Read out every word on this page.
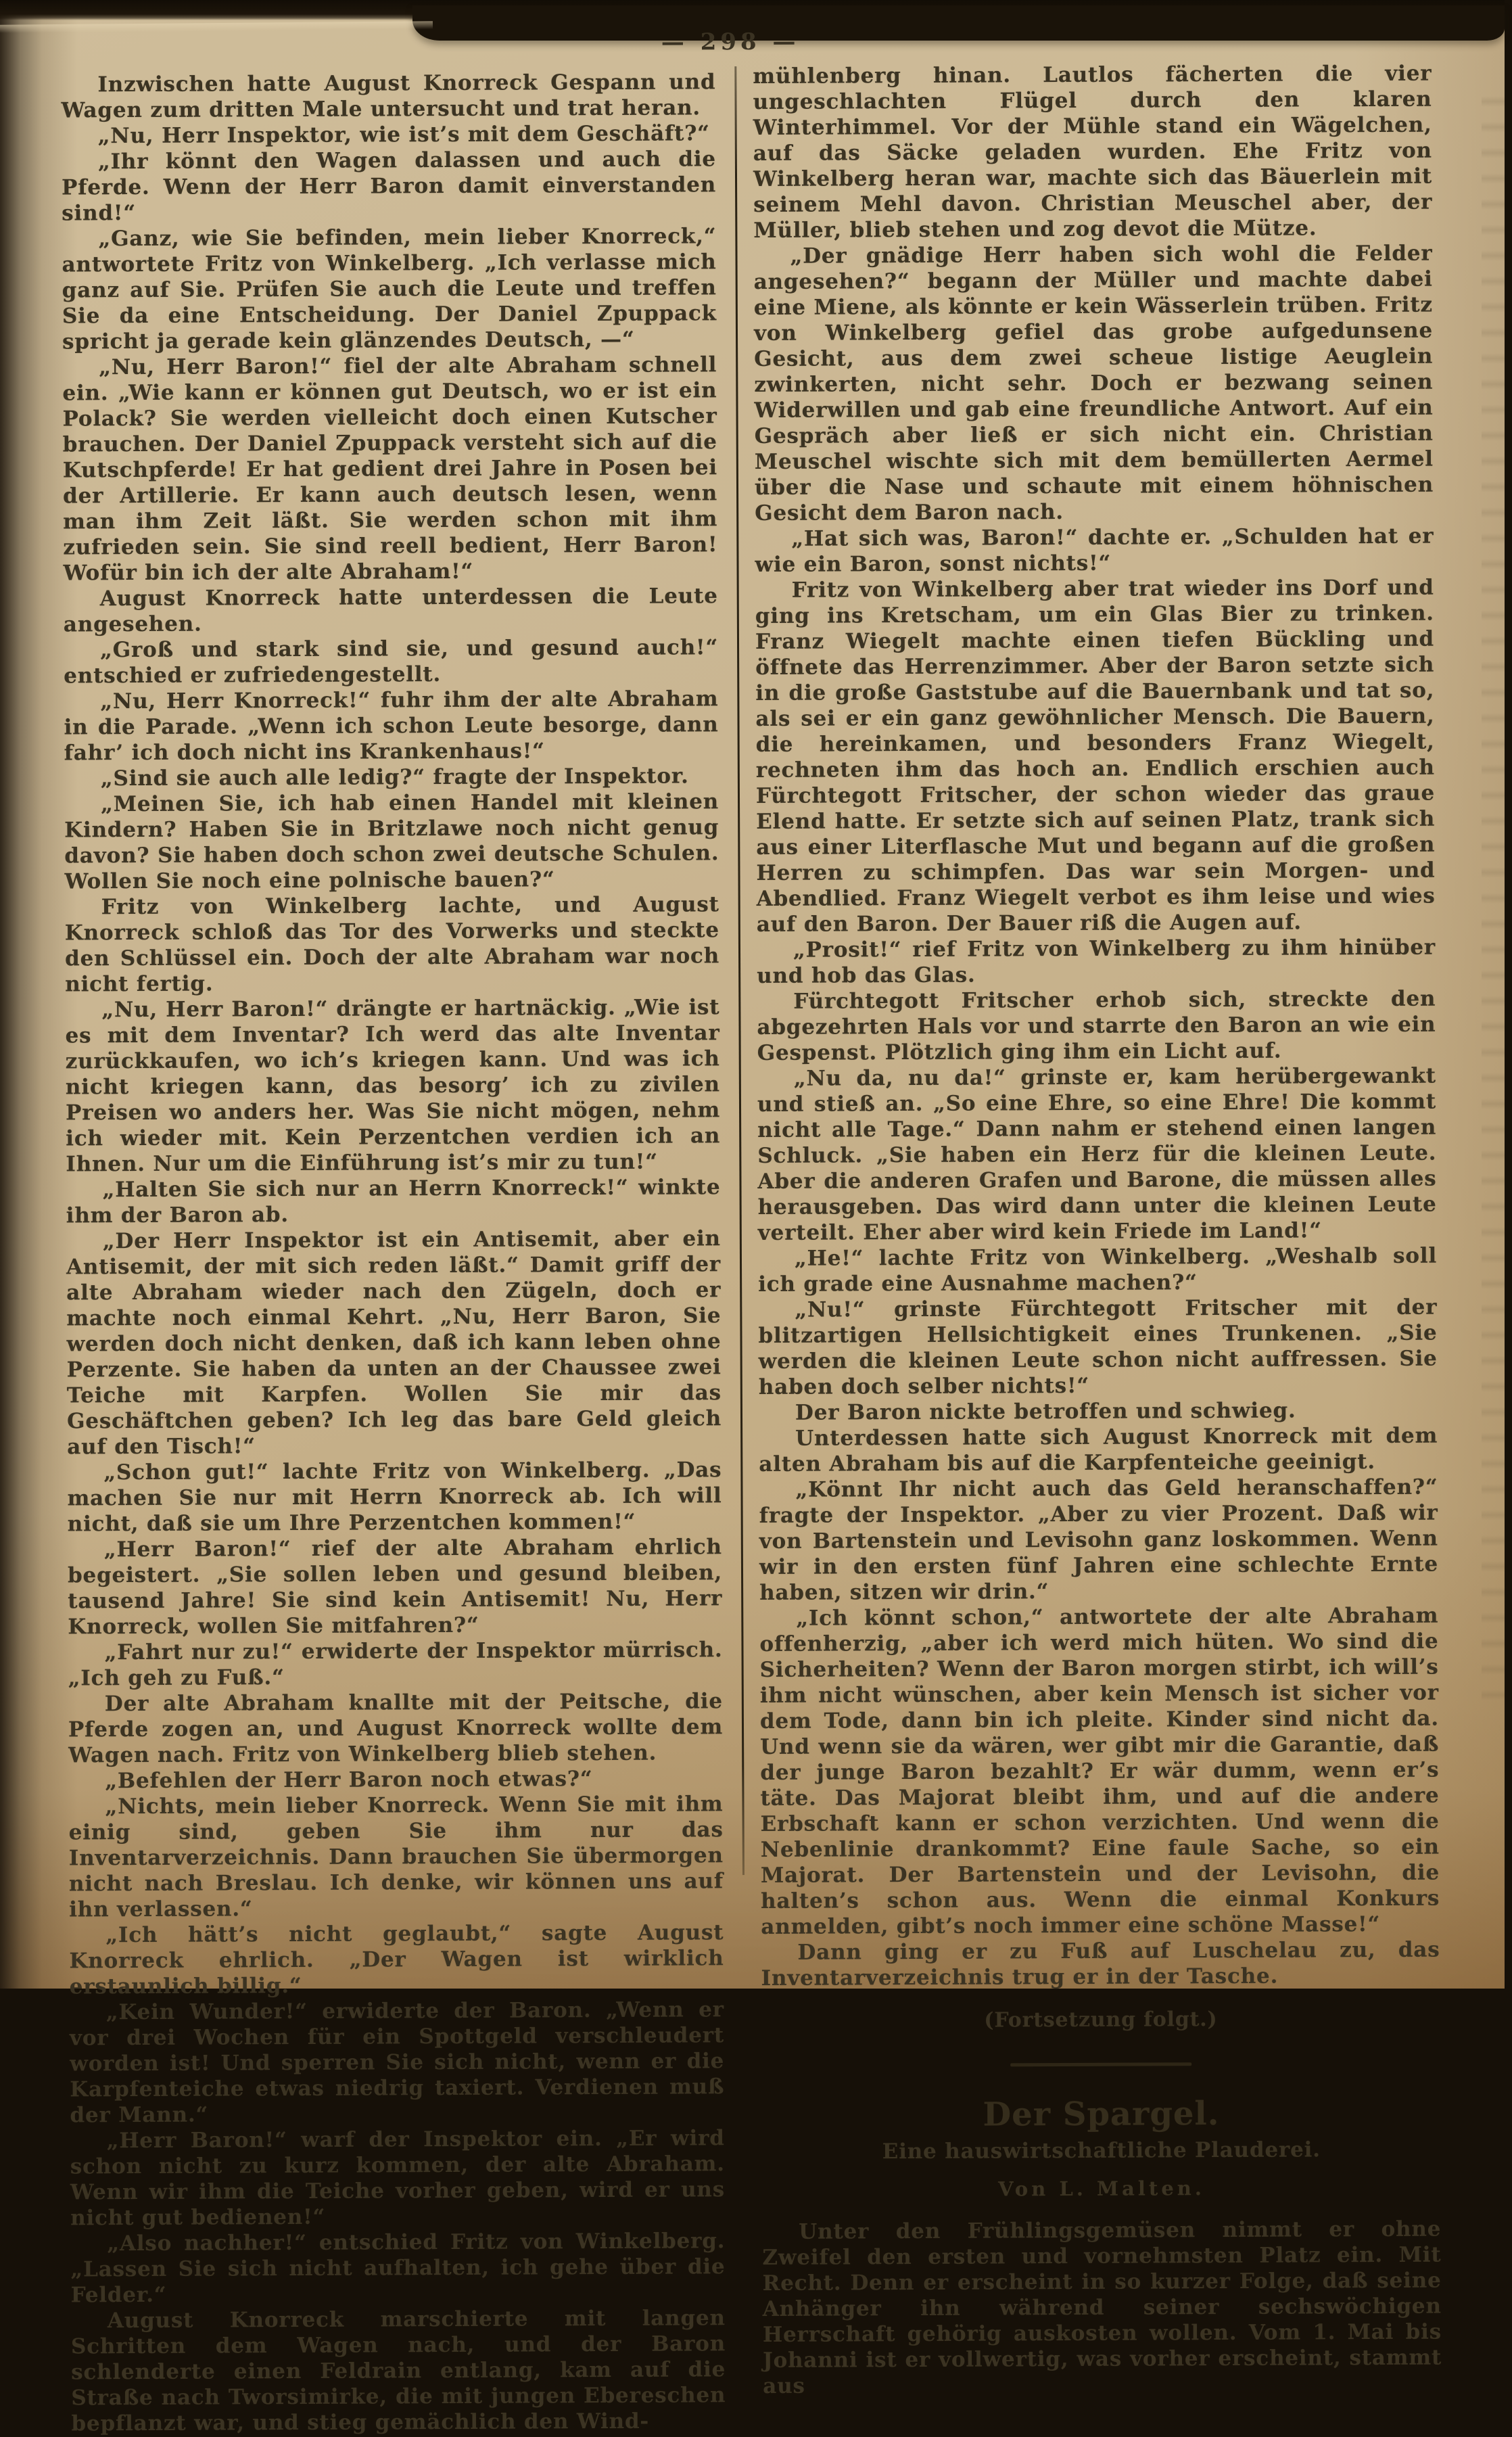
— 298 —

Inzwischen hatte August Knorreck Gespann und Wagen zum dritten Male untersucht und trat heran.

„Nu, Herr Inspektor, wie ist’s mit dem Geschäft?“

„Ihr könnt den Wagen dalassen und auch die Pferde. Wenn der Herr Baron damit einverstanden sind!“

„Ganz, wie Sie befinden, mein lieber Knorreck,“ antwortete Fritz von Winkelberg. „Ich verlasse mich ganz auf Sie. Prüfen Sie auch die Leute und treffen Sie da eine Entscheidung. Der Daniel Zpuppack spricht ja gerade kein glänzendes Deutsch, —“

„Nu, Herr Baron!“ fiel der alte Abraham schnell ein. „Wie kann er können gut Deutsch, wo er ist ein Polack? Sie werden vielleicht doch einen Kutscher brauchen. Der Daniel Zpuppack versteht sich auf die Kutschpferde! Er hat gedient drei Jahre in Posen bei der Artillerie. Er kann auch deutsch lesen, wenn man ihm Zeit läßt. Sie werden schon mit ihm zufrieden sein. Sie sind reell bedient, Herr Baron! Wofür bin ich der alte Abraham!“

August Knorreck hatte unterdessen die Leute angesehen.

„Groß und stark sind sie, und gesund auch!“ entschied er zufriedengestellt.

„Nu, Herr Knorreck!“ fuhr ihm der alte Abraham in die Parade. „Wenn ich schon Leute besorge, dann fahr’ ich doch nicht ins Krankenhaus!“

„Sind sie auch alle ledig?“ fragte der Inspektor.

„Meinen Sie, ich hab einen Handel mit kleinen Kindern? Haben Sie in Britzlawe noch nicht genug davon? Sie haben doch schon zwei deutsche Schulen. Wollen Sie noch eine polnische bauen?“

Fritz von Winkelberg lachte, und August Knorreck schloß das Tor des Vorwerks und steckte den Schlüssel ein. Doch der alte Abraham war noch nicht fertig.

„Nu, Herr Baron!“ drängte er hartnäckig. „Wie ist es mit dem Inventar? Ich werd das alte Inventar zurückkaufen, wo ich’s kriegen kann. Und was ich nicht kriegen kann, das besorg’ ich zu zivilen Preisen wo anders her. Was Sie nicht mögen, nehm ich wieder mit. Kein Perzentchen verdien ich an Ihnen. Nur um die Einführung ist’s mir zu tun!“

„Halten Sie sich nur an Herrn Knorreck!“ winkte ihm der Baron ab.

„Der Herr Inspektor ist ein Antisemit, aber ein Antisemit, der mit sich reden läßt.“ Damit griff der alte Abraham wieder nach den Zügeln, doch er machte noch einmal Kehrt. „Nu, Herr Baron, Sie werden doch nicht denken, daß ich kann leben ohne Perzente. Sie haben da unten an der Chaussee zwei Teiche mit Karpfen. Wollen Sie mir das Geschäftchen geben? Ich leg das bare Geld gleich auf den Tisch!“

„Schon gut!“ lachte Fritz von Winkelberg. „Das machen Sie nur mit Herrn Knorreck ab. Ich will nicht, daß sie um Ihre Perzentchen kommen!“

„Herr Baron!“ rief der alte Abraham ehrlich begeistert. „Sie sollen leben und gesund bleiben, tausend Jahre! Sie sind kein Antisemit! Nu, Herr Knorreck, wollen Sie mitfahren?“

„Fahrt nur zu!“ erwiderte der Inspektor mürrisch. „Ich geh zu Fuß.“

Der alte Abraham knallte mit der Peitsche, die Pferde zogen an, und August Knorreck wollte dem Wagen nach. Fritz von Winkelberg blieb stehen.

„Befehlen der Herr Baron noch etwas?“

„Nichts, mein lieber Knorreck. Wenn Sie mit ihm einig sind, geben Sie ihm nur das Inventarverzeichnis. Dann brauchen Sie übermorgen nicht nach Breslau. Ich denke, wir können uns auf ihn verlassen.“

„Ich hätt’s nicht geglaubt,“ sagte August Knorreck ehrlich. „Der Wagen ist wirklich erstaunlich billig.“

„Kein Wunder!“ erwiderte der Baron. „Wenn er vor drei Wochen für ein Spottgeld verschleudert worden ist! Und sperren Sie sich nicht, wenn er die Karpfenteiche etwas niedrig taxiert. Verdienen muß der Mann.“

„Herr Baron!“ warf der Inspektor ein. „Er wird schon nicht zu kurz kommen, der alte Abraham. Wenn wir ihm die Teiche vorher geben, wird er uns nicht gut bedienen!“

„Also nachher!“ entschied Fritz von Winkelberg. „Lassen Sie sich nicht aufhalten, ich gehe über die Felder.“

August Knorreck marschierte mit langen Schritten dem Wagen nach, und der Baron schlenderte einen Feldrain entlang, kam auf die Straße nach Tworsimirke, die mit jungen Ebereschen bepflanzt war, und stieg gemächlich den Wind-

mühlenberg hinan. Lautlos fächerten die vier ungeschlachten Flügel durch den klaren Winterhimmel. Vor der Mühle stand ein Wägelchen, auf das Säcke geladen wurden. Ehe Fritz von Winkelberg heran war, machte sich das Bäuerlein mit seinem Mehl davon. Christian Meuschel aber, der Müller, blieb stehen und zog devot die Mütze.

„Der gnädige Herr haben sich wohl die Felder angesehen?“ begann der Müller und machte dabei eine Miene, als könnte er kein Wässerlein trüben. Fritz von Winkelberg gefiel das grobe aufgedunsene Gesicht, aus dem zwei scheue listige Aeuglein zwinkerten, nicht sehr. Doch er bezwang seinen Widerwillen und gab eine freundliche Antwort. Auf ein Gespräch aber ließ er sich nicht ein. Christian Meuschel wischte sich mit dem bemüllerten Aermel über die Nase und schaute mit einem höhnischen Gesicht dem Baron nach.

„Hat sich was, Baron!“ dachte er. „Schulden hat er wie ein Baron, sonst nichts!“

Fritz von Winkelberg aber trat wieder ins Dorf und ging ins Kretscham, um ein Glas Bier zu trinken. Franz Wiegelt machte einen tiefen Bückling und öffnete das Herrenzimmer. Aber der Baron setzte sich in die große Gaststube auf die Bauernbank und tat so, als sei er ein ganz gewöhnlicher Mensch. Die Bauern, die hereinkamen, und besonders Franz Wiegelt, rechneten ihm das hoch an. Endlich erschien auch Fürchtegott Fritscher, der schon wieder das graue Elend hatte. Er setzte sich auf seinen Platz, trank sich aus einer Literflasche Mut und begann auf die großen Herren zu schimpfen. Das war sein Morgen- und Abendlied. Franz Wiegelt verbot es ihm leise und wies auf den Baron. Der Bauer riß die Augen auf.

„Prosit!“ rief Fritz von Winkelberg zu ihm hinüber und hob das Glas.

Fürchtegott Fritscher erhob sich, streckte den abgezehrten Hals vor und starrte den Baron an wie ein Gespenst. Plötzlich ging ihm ein Licht auf.

„Nu da, nu da!“ grinste er, kam herübergewankt und stieß an. „So eine Ehre, so eine Ehre! Die kommt nicht alle Tage.“ Dann nahm er stehend einen langen Schluck. „Sie haben ein Herz für die kleinen Leute. Aber die anderen Grafen und Barone, die müssen alles herausgeben. Das wird dann unter die kleinen Leute verteilt. Eher aber wird kein Friede im Land!“

„He!“ lachte Fritz von Winkelberg. „Weshalb soll ich grade eine Ausnahme machen?“

„Nu!“ grinste Fürchtegott Fritscher mit der blitzartigen Hellsichtigkeit eines Trunkenen. „Sie werden die kleinen Leute schon nicht auffressen. Sie haben doch selber nichts!“

Der Baron nickte betroffen und schwieg.

Unterdessen hatte sich August Knorreck mit dem alten Abraham bis auf die Karpfenteiche geeinigt.

„Könnt Ihr nicht auch das Geld heranschaffen?“ fragte der Inspektor. „Aber zu vier Prozent. Daß wir von Bartenstein und Levisohn ganz loskommen. Wenn wir in den ersten fünf Jahren eine schlechte Ernte haben, sitzen wir drin.“

„Ich könnt schon,“ antwortete der alte Abraham offenherzig, „aber ich werd mich hüten. Wo sind die Sicherheiten? Wenn der Baron morgen stirbt, ich will’s ihm nicht wünschen, aber kein Mensch ist sicher vor dem Tode, dann bin ich pleite. Kinder sind nicht da. Und wenn sie da wären, wer gibt mir die Garantie, daß der junge Baron bezahlt? Er wär dumm, wenn er’s täte. Das Majorat bleibt ihm, und auf die andere Erbschaft kann er schon verzichten. Und wenn die Nebenlinie drankommt? Eine faule Sache, so ein Majorat. Der Bartenstein und der Levisohn, die halten’s schon aus. Wenn die einmal Konkurs anmelden, gibt’s noch immer eine schöne Masse!“

Dann ging er zu Fuß auf Luschelau zu, das Inventarverzeichnis trug er in der Tasche.

(Fortsetzung folgt.)

Der Spargel.
Eine hauswirtschaftliche Plauderei.
Von L. Malten.

Unter den Frühlingsgemüsen nimmt er ohne Zweifel den ersten und vornehmsten Platz ein. Mit Recht. Denn er erscheint in so kurzer Folge, daß seine Anhänger ihn während seiner sechswöchigen Herrschaft gehörig auskosten wollen. Vom 1. Mai bis Johanni ist er vollwertig, was vorher erscheint, stammt aus
